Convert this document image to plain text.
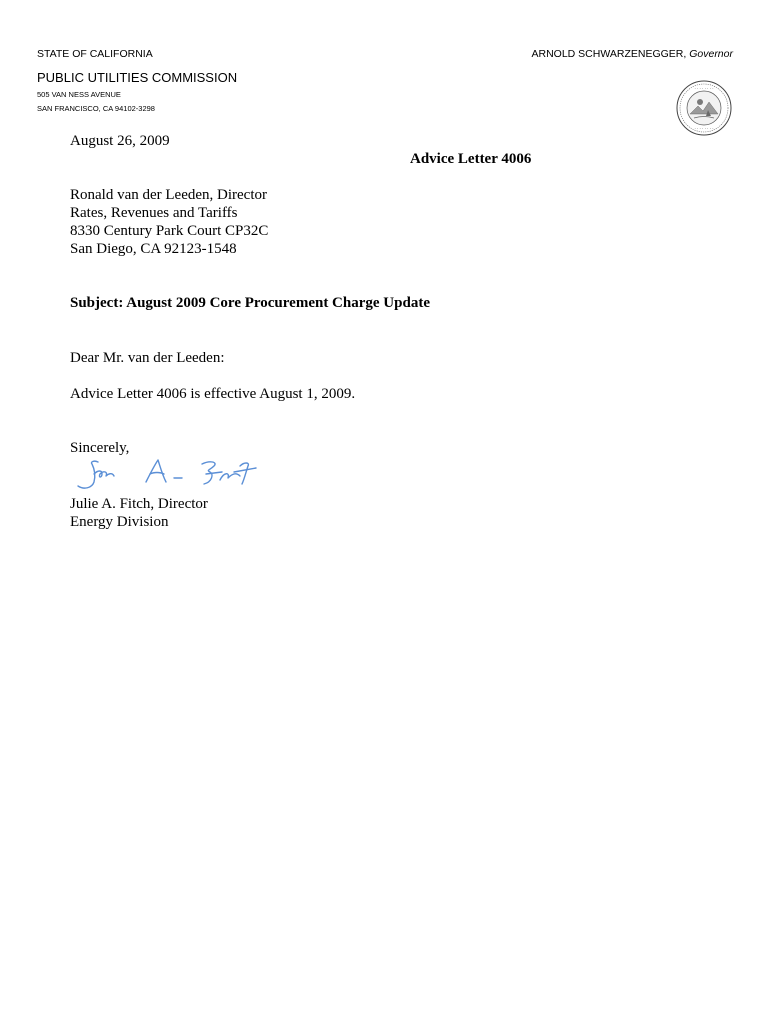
STATE OF CALIFORNIA	ARNOLD SCHWARZENEGGER, Governor
PUBLIC UTILITIES COMMISSION
505 VAN NESS AVENUE
SAN FRANCISCO, CA 94102-3298
· · · · · · · ·
· · · · · · · ·
August 26, 2009
Advice Letter 4006
Ronald van der Leeden, Director
Rates, Revenues and Tariffs
8330 Century Park Court CP32C
San Diego, CA 92123-1548
Subject: August 2009 Core Procurement Charge Update
Dear Mr. van der Leeden:
Advice Letter 4006 is effective August 1, 2009.
Sincerely,
Julie A. Fitch, Director
Energy Division
